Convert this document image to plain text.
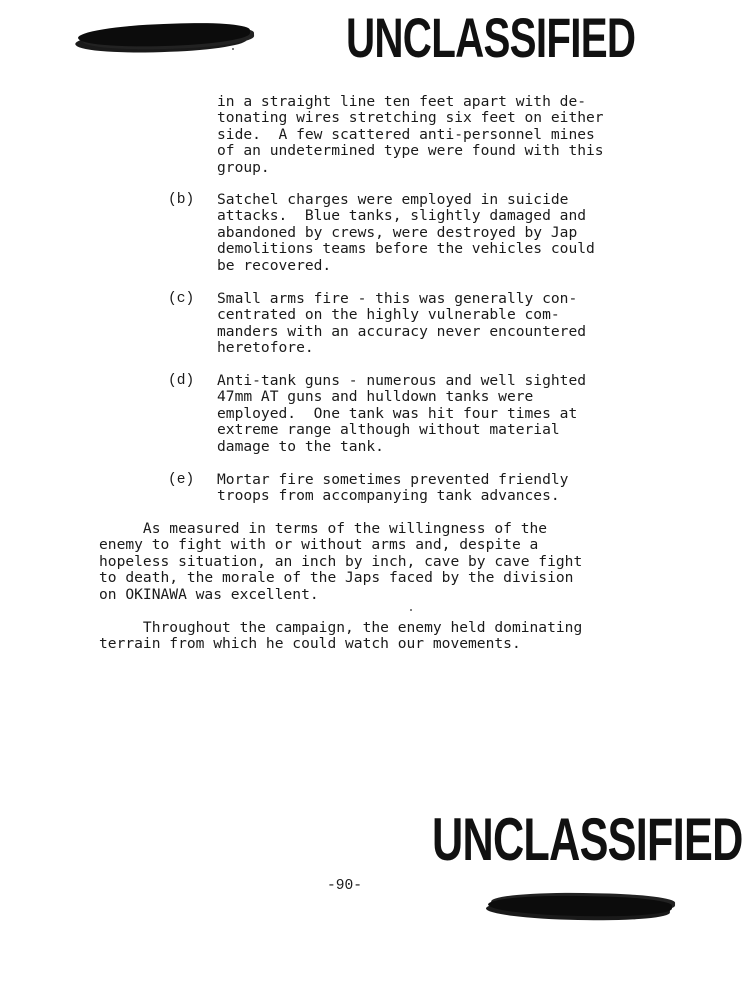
UNCLASSIFIED
in a straight line ten feet apart with de-
tonating wires stretching six feet on either
side.  A few scattered anti-personnel mines
of an undetermined type were found with this
group.
(b) Satchel charges were employed in suicide
attacks.  Blue tanks, slightly damaged and
abandoned by crews, were destroyed by Jap
demolitions teams before the vehicles could
be recovered.
(c) Small arms fire - this was generally con-
centrated on the highly vulnerable com-
manders with an accuracy never encountered
heretofore.
(d) Anti-tank guns - numerous and well sighted
47mm AT guns and hulldown tanks were
employed.  One tank was hit four times at
extreme range although without material
damage to the tank.
(e) Mortar fire sometimes prevented friendly
troops from accompanying tank advances.
As measured in terms of the willingness of the
enemy to fight with or without arms and, despite a
hopeless situation, an inch by inch, cave by cave fight
to death, the morale of the Japs faced by the division
on OKINAWA was excellent.
Throughout the campaign, the enemy held dominating
terrain from which he could watch our movements.
UNCLASSIFIED
-90-
